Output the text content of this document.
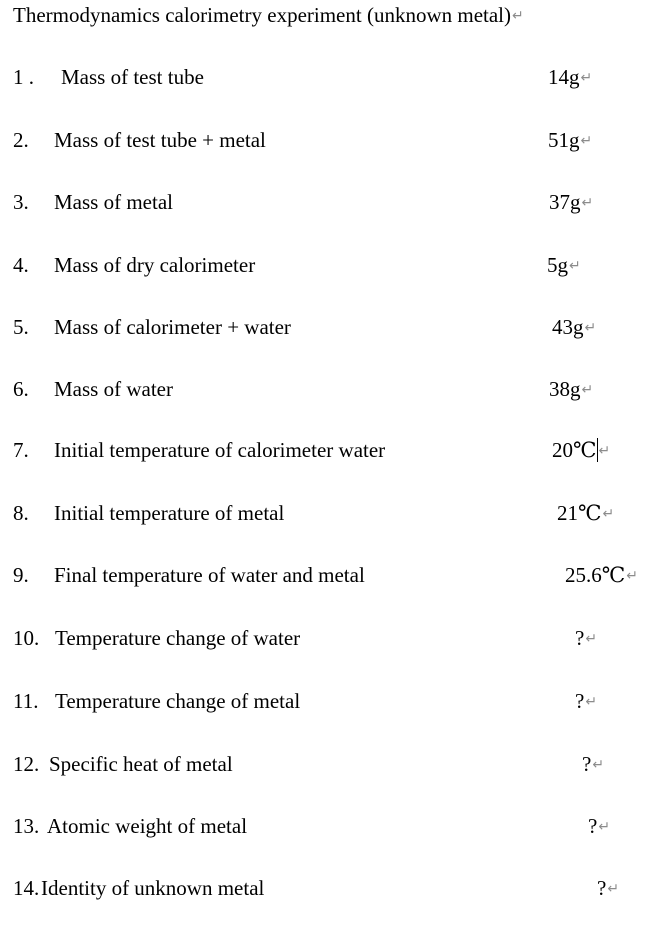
Thermodynamics calorimetry experiment (unknown metal)↵
1 . Mass of test tube	14g↵
2. Mass of test tube + metal	51g↵
3. Mass of metal	37g↵
4. Mass of dry calorimeter	5g↵
5. Mass of calorimeter + water	43g↵
6. Mass of water	38g↵
7. Initial temperature of calorimeter water	20℃ ↵
8. Initial temperature of metal	21℃↵
9. Final temperature of water and metal	25.6℃↵
10. Temperature change of water	?↵
11. Temperature change of metal	?↵
12. Specific heat of metal	?↵
13. Atomic weight of metal	?↵
14. Identity of unknown metal	?↵
